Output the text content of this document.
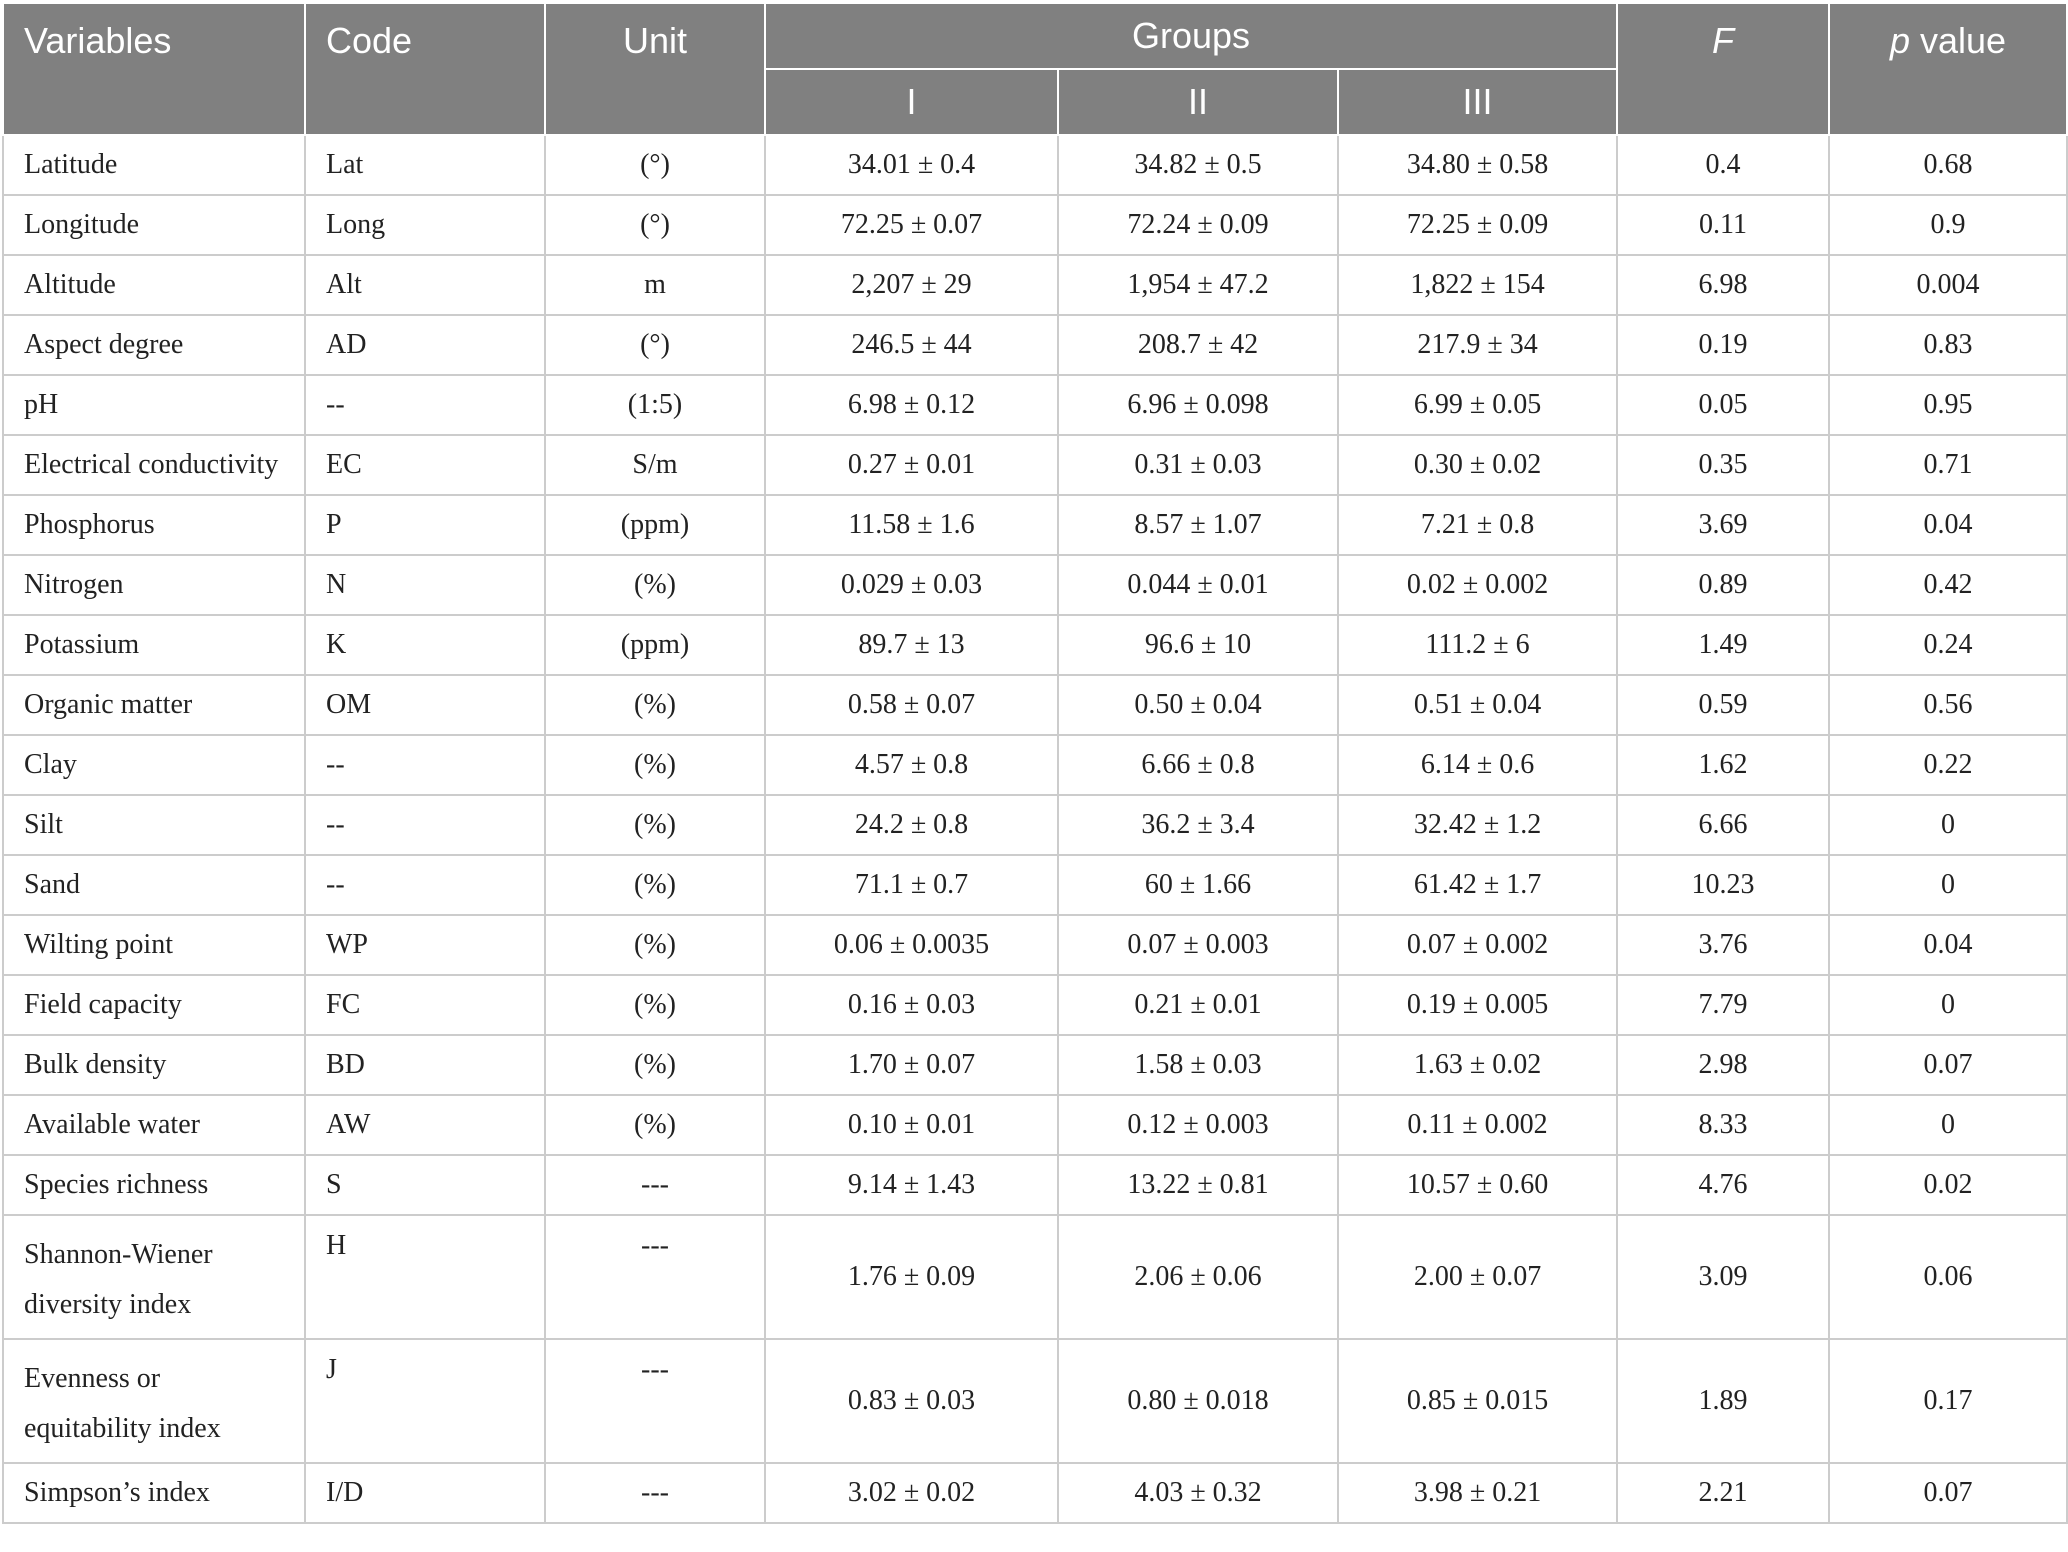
Variables	Code	Unit	Groups			F	p value
			I	II	III		
Latitude	Lat	(°)	34.01 ± 0.4	34.82 ± 0.5	34.80 ± 0.58	0.4	0.68
Longitude	Long	(°)	72.25 ± 0.07	72.24 ± 0.09	72.25 ± 0.09	0.11	0.9
Altitude	Alt	m	2,207 ± 29	1,954 ± 47.2	1,822 ± 154	6.98	0.004
Aspect degree	AD	(°)	246.5 ± 44	208.7 ± 42	217.9 ± 34	0.19	0.83
pH	--	(1:5)	6.98 ± 0.12	6.96 ± 0.098	6.99 ± 0.05	0.05	0.95
Electrical conductivity	EC	S/m	0.27 ± 0.01	0.31 ± 0.03	0.30 ± 0.02	0.35	0.71
Phosphorus	P	(ppm)	11.58 ± 1.6	8.57 ± 1.07	7.21 ± 0.8	3.69	0.04
Nitrogen	N	(%)	0.029 ± 0.03	0.044 ± 0.01	0.02 ± 0.002	0.89	0.42
Potassium	K	(ppm)	89.7 ± 13	96.6 ± 10	111.2 ± 6	1.49	0.24
Organic matter	OM	(%)	0.58 ± 0.07	0.50 ± 0.04	0.51 ± 0.04	0.59	0.56
Clay	--	(%)	4.57 ± 0.8	6.66 ± 0.8	6.14 ± 0.6	1.62	0.22
Silt	--	(%)	24.2 ± 0.8	36.2 ± 3.4	32.42 ± 1.2	6.66	0
Sand	--	(%)	71.1 ± 0.7	60 ± 1.66	61.42 ± 1.7	10.23	0
Wilting point	WP	(%)	0.06 ± 0.0035	0.07 ± 0.003	0.07 ± 0.002	3.76	0.04
Field capacity	FC	(%)	0.16 ± 0.03	0.21 ± 0.01	0.19 ± 0.005	7.79	0
Bulk density	BD	(%)	1.70 ± 0.07	1.58 ± 0.03	1.63 ± 0.02	2.98	0.07
Available water	AW	(%)	0.10 ± 0.01	0.12 ± 0.003	0.11 ± 0.002	8.33	0
Species richness	S	---	9.14 ± 1.43	13.22 ± 0.81	10.57 ± 0.60	4.76	0.02

Shannon-Wiener
diversity index	H	---	1.76 ± 0.09	2.06 ± 0.06	2.00 ± 0.07	3.09	0.06

Evenness or
equitability index	J	---	0.83 ± 0.03	0.80 ± 0.018	0.85 ± 0.015	1.89	0.17
Simpson’s index	I/D	---	3.02 ± 0.02	4.03 ± 0.32	3.98 ± 0.21	2.21	0.07
